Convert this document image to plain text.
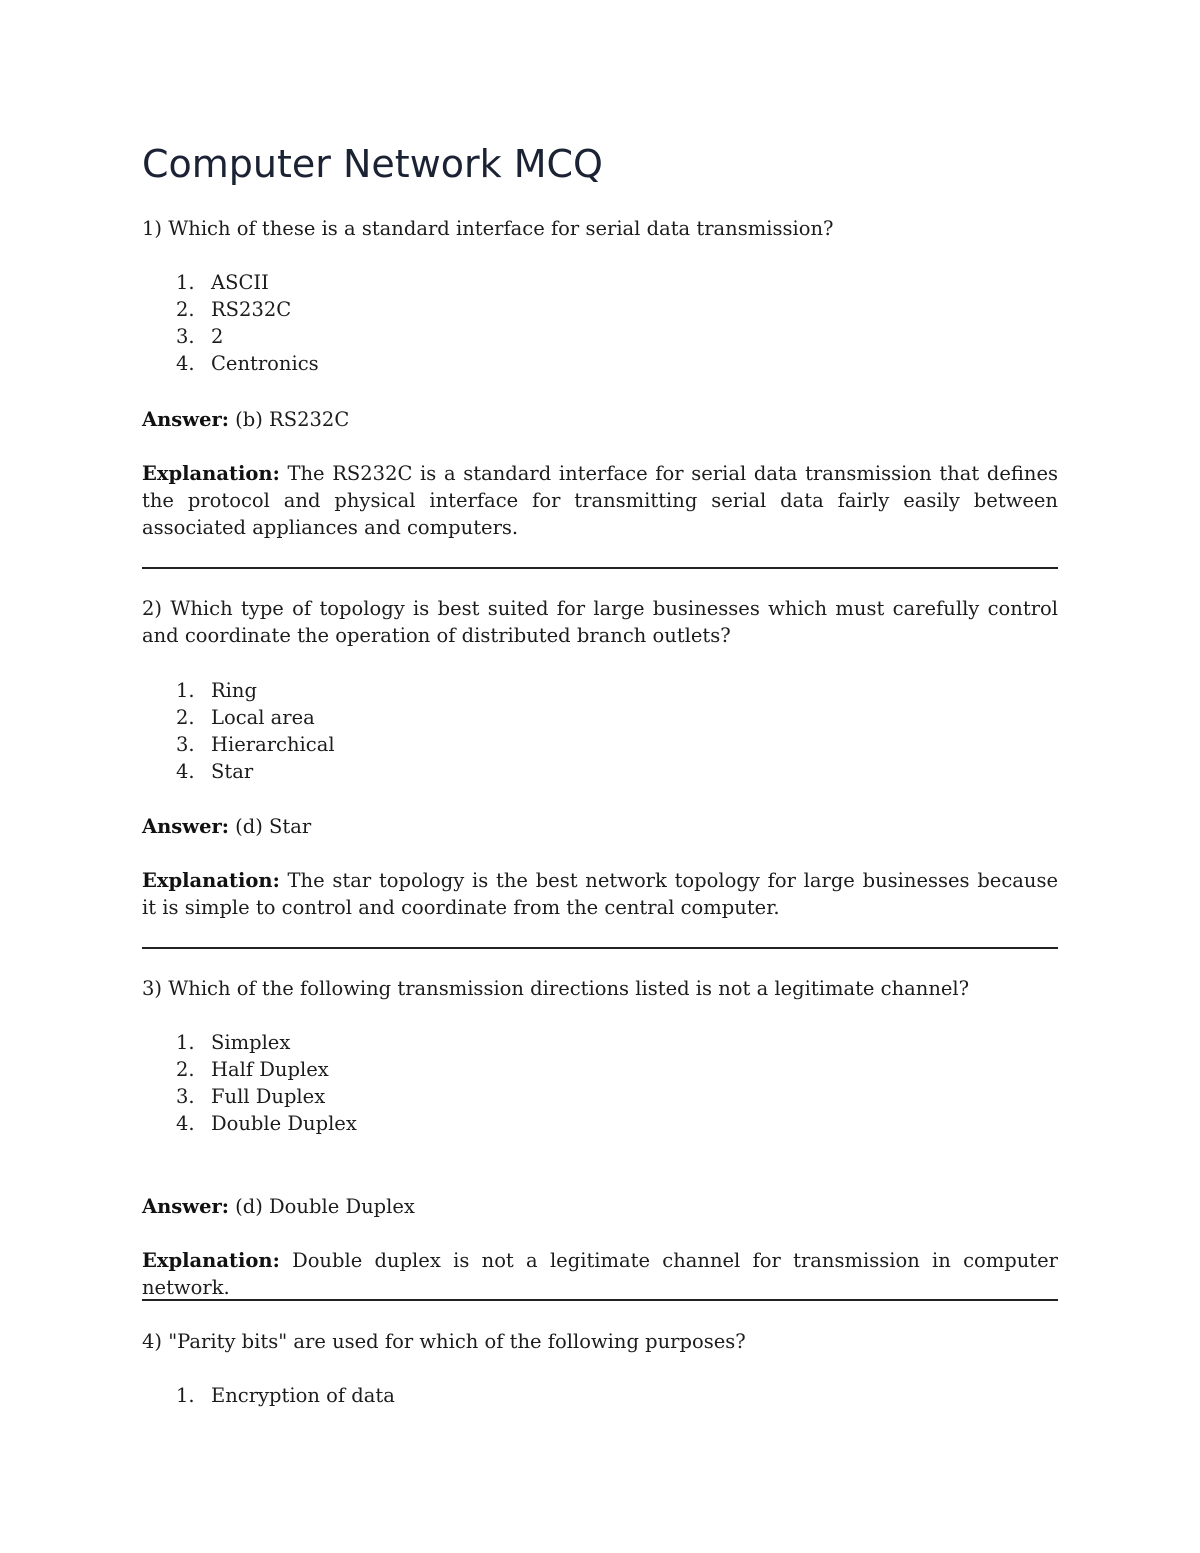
Computer Network MCQ

1) Which of these is a standard interface for serial data transmission?

1. ASCII
2. RS232C
3. 2
4. Centronics

Answer: (b) RS232C

Explanation: The RS232C is a standard interface for serial data transmission that defines the protocol and physical interface for transmitting serial data fairly easily between associated appliances and computers.

2) Which type of topology is best suited for large businesses which must carefully control and coordinate the operation of distributed branch outlets?

1. Ring
2. Local area
3. Hierarchical
4. Star

Answer: (d) Star

Explanation: The star topology is the best network topology for large businesses because it is simple to control and coordinate from the central computer.

3) Which of the following transmission directions listed is not a legitimate channel?

1. Simplex
2. Half Duplex
3. Full Duplex
4. Double Duplex

Answer: (d) Double Duplex

Explanation: Double duplex is not a legitimate channel for transmission in computer network.

4) "Parity bits" are used for which of the following purposes?

1. Encryption of data
